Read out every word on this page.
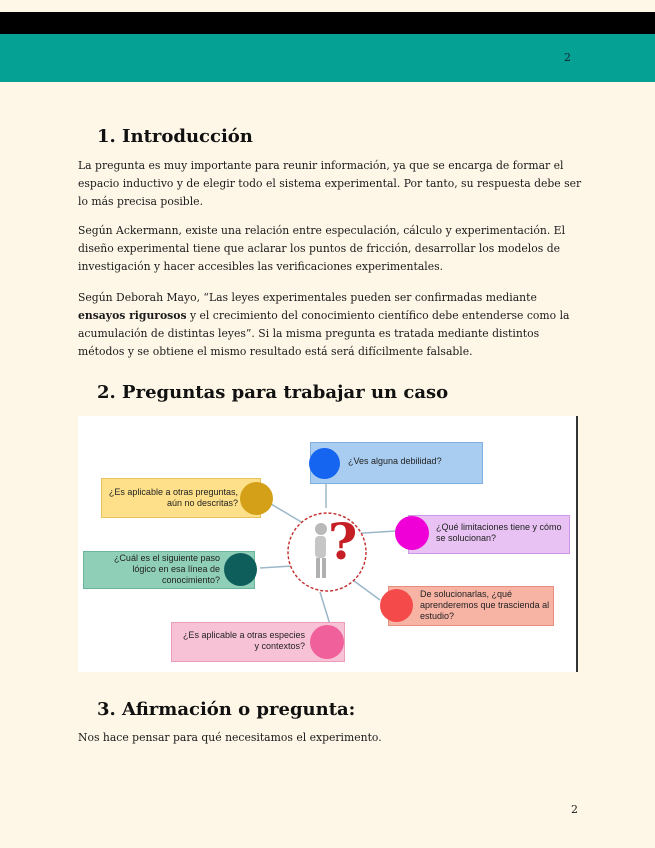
2
1. Introducción

La pregunta es muy importante para reunir información, ya que se encarga de formar el espacio inductivo y de elegir todo el sistema experimental. Por tanto, su respuesta debe ser lo más precisa posible.

Según Ackermann, existe una relación entre especulación, cálculo y experimentación. El diseño experimental tiene que aclarar los puntos de fricción, desarrollar los modelos de investigación y hacer accesibles las verificaciones experimentales.

Según Deborah Mayo, “Las leyes experimentales pueden ser confirmadas mediante ensayos rigurosos y el crecimiento del conocimiento científico debe entenderse como la acumulación de distintas leyes”. Si la misma pregunta es tratada mediante distintos métodos y se obtiene el mismo resultado está será difícilmente falsable.

2. Preguntas para trabajar un caso
?
¿Ves alguna debilidad?
¿Es aplicable a otras preguntas, aún no descritas?
¿Qué limitaciones tiene y cómo se solucionan?
¿Cuál es el siguiente paso lógico en esa línea de conocimiento?
De solucionarlas, ¿qué aprenderemos que trascienda al estudio?
¿Es aplicable a otras especies y contextos?
3. Afirmación o pregunta:

Nos hace pensar para qué necesitamos el experimento.

2
